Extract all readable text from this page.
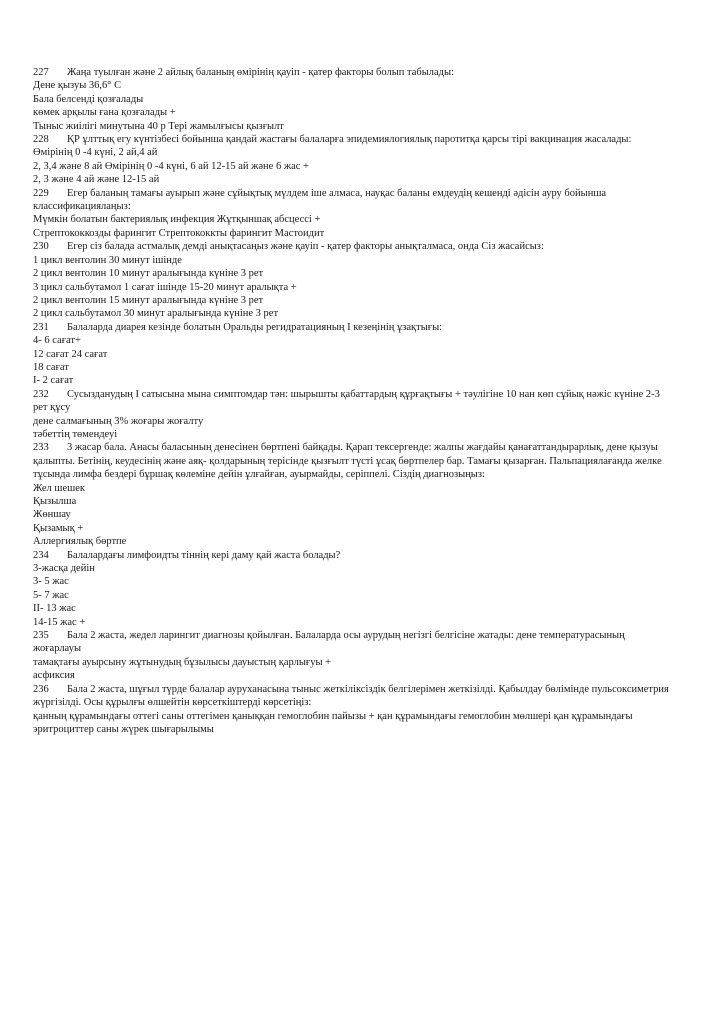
227 Жаңа туылған және 2 айлық баланың өмірінің қауіп - қатер факторы болып табылады:
Дене қызуы 36,6° С
Бала белсенді қозғалады
көмек арқылы ғана қозғалады +
Тыныс жиілігі минутына 40 р Тері жамылғысы қызғылт
228 ҚР ұлттық егу күнтізбесі бойынша қандай жастағы балаларға эпидемиялогиялық паротитқа қарсы тірі вакцинация жасалады: Өмірінің 0 -4 күні, 2 ай,4 ай
2, 3,4 және 8 ай Өмірінің 0 -4 күні, 6 ай 12-15 ай және 6 жас +
2, 3 және 4 ай және 12-15 ай
229 Егер баланың тамағы ауырып және сұйықтық мүлдем іше алмаса, науқас баланы емдеудің кешенді әдісін ауру бойынша классификациялаңыз:
Мүмкін болатын бактериялық инфекция Жұтқыншақ абсцессі +
Стрептококкозды фарингит Стрептококкты фарингит Мастоидит
230 Егер сіз балада астмалық демді анықтасаңыз және қауіп - қатер факторы анықталмаса, онда Сіз жасайсыз:
1 цикл вентолин 30 минут ішінде
2 цикл вентолин 10 минут аралығында күніне 3 рет
3 цикл сальбутамол 1 сағат ішінде 15-20 минут аралықта +
2 цикл вентолин 15 минут аралығында күніне 3 рет
2 цикл сальбутамол 30 минут аралығында күніне 3 рет
231 Балаларда диарея кезінде болатын Оральды регидратацияның І кезеңінің ұзақтығы:
4- 6 сағат+
12 сағат 24 сағат
18 сағат
І- 2 сағат
232 Сусызданудың І сатысына мына симптомдар тән: шырышты қабаттардың құрғақтығы + тәулігіне 10 нан көп сұйық нәжіс күніне 2-3 рет құсу
дене салмағының 3% жоғары жоғалту
тәбеттің төмендеуі
233 3 жасар бала. Анасы баласының денесінен бөртпені байқады. Қарап тексергенде: жалпы жағдайы қанағаттандырарлық, дене қызуы қалыпты. Бетінің, кеудесінің және аяқ- қолдарының терісінде қызғылт түсті ұсақ бөртпелер бар. Тамағы қызарған. Пальпациялағанда желке тұсында лимфа бездері бұршақ көлеміне дейін ұлғайған, ауырмайды, серіппелі. Сіздің диагнозыңыз:
Жел шешек
Қызылша
Жөншау
Қызамық +
Аллергиялық бөртпе
234 Балалардағы лимфоидты тіннің кері даму қай жаста болады?
3-жасқа дейін
3- 5 жас
5- 7 жас
ІІ- 13 жас
14-15 жас +
235 Бала 2 жаста, жедел ларингит диагнозы қойылған. Балаларда осы аурудың негізгі белгісіне жатады: дене температурасының жоғарлауы
тамақтағы ауырсыну жұтынудың бұзылысы дауыстың қарлығуы +
асфиксия
236 Бала 2 жаста, шұғыл түрде балалар ауруханасына тыныс жеткіліксіздік белгілерімен жеткізілді. Қабылдау бөлімінде пульсоксиметрия жүргізілді. Осы құрылғы өлшейтін көрсеткіштерді көрсетіңіз:
қанның құрамындағы оттегі саны оттегімен қаныққан гемоглобин пайызы + қан құрамындағы гемоглобин мөлшері қан құрамындағы эритроциттер саны жүрек шығарылымы
